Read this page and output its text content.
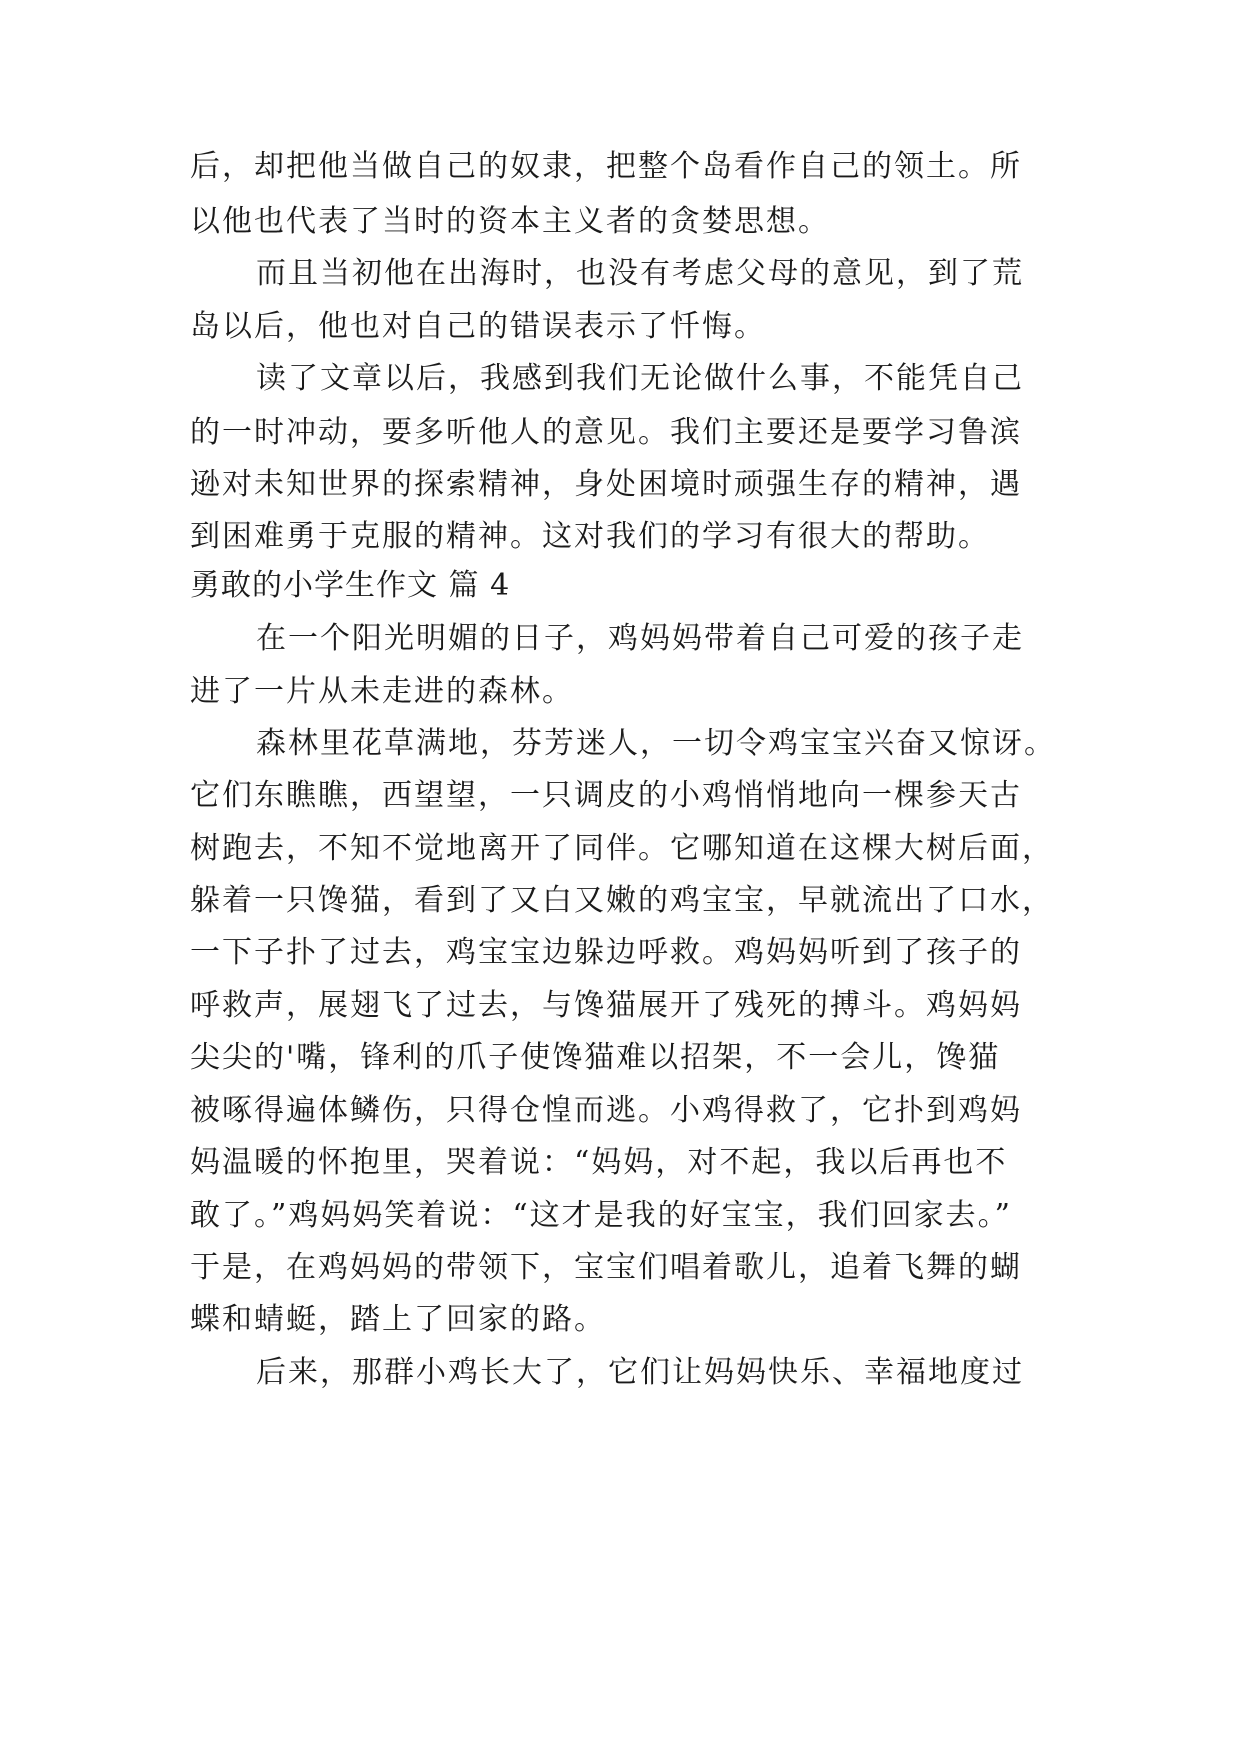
后，却把他当做自己的奴隶，把整个岛看作自己的领土。所
以他也代表了当时的资本主义者的贪婪思想。
而且当初他在出海时，也没有考虑父母的意见，到了荒
岛以后，他也对自己的错误表示了忏悔。
读了文章以后，我感到我们无论做什么事，不能凭自己
的一时冲动，要多听他人的意见。我们主要还是要学习鲁滨
逊对未知世界的探索精神，身处困境时顽强生存的精神，遇
到困难勇于克服的精神。这对我们的学习有很大的帮助。
勇敢的小学生作文 篇 4
在一个阳光明媚的日子，鸡妈妈带着自己可爱的孩子走
进了一片从未走进的森林。
森林里花草满地，芬芳迷人，一切令鸡宝宝兴奋又惊讶。
它们东瞧瞧，西望望，一只调皮的小鸡悄悄地向一棵参天古
树跑去，不知不觉地离开了同伴。它哪知道在这棵大树后面，
躲着一只馋猫，看到了又白又嫩的鸡宝宝，早就流出了口水，
一下子扑了过去，鸡宝宝边躲边呼救。鸡妈妈听到了孩子的
呼救声，展翅飞了过去，与馋猫展开了残死的搏斗。鸡妈妈
尖尖的'嘴，锋利的爪子使馋猫难以招架，不一会儿，馋猫
被啄得遍体鳞伤，只得仓惶而逃。小鸡得救了，它扑到鸡妈
妈温暖的怀抱里，哭着说：“妈妈，对不起，我以后再也不
敢了。”鸡妈妈笑着说：“这才是我的好宝宝，我们回家去。”
于是，在鸡妈妈的带领下，宝宝们唱着歌儿，追着飞舞的蝴
蝶和蜻蜓，踏上了回家的路。
后来，那群小鸡长大了，它们让妈妈快乐、幸福地度过
